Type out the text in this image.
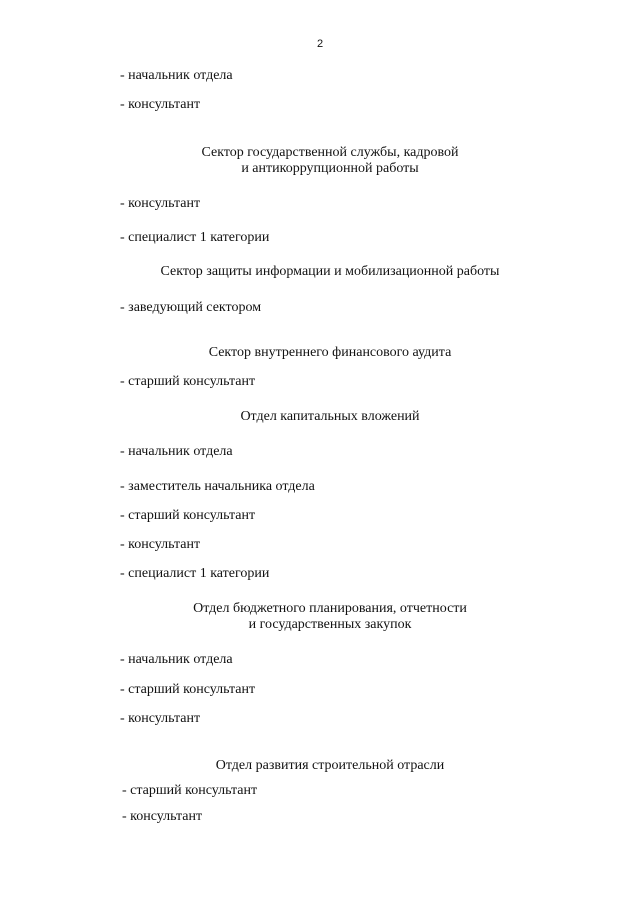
2
- начальник отдела
- консультант
Сектор государственной службы, кадровой
и антикоррупционной работы
- консультант
- специалист 1 категории
Сектор защиты информации и мобилизационной работы
- заведующий сектором
Сектор внутреннего финансового аудита
- старший консультант
Отдел капитальных вложений
- начальник отдела
- заместитель начальника отдела
- старший консультант
- консультант
- специалист 1 категории
Отдел бюджетного планирования, отчетности
и государственных закупок
- начальник отдела
- старший консультант
- консультант
Отдел развития строительной отрасли
- старший консультант
- консультант
